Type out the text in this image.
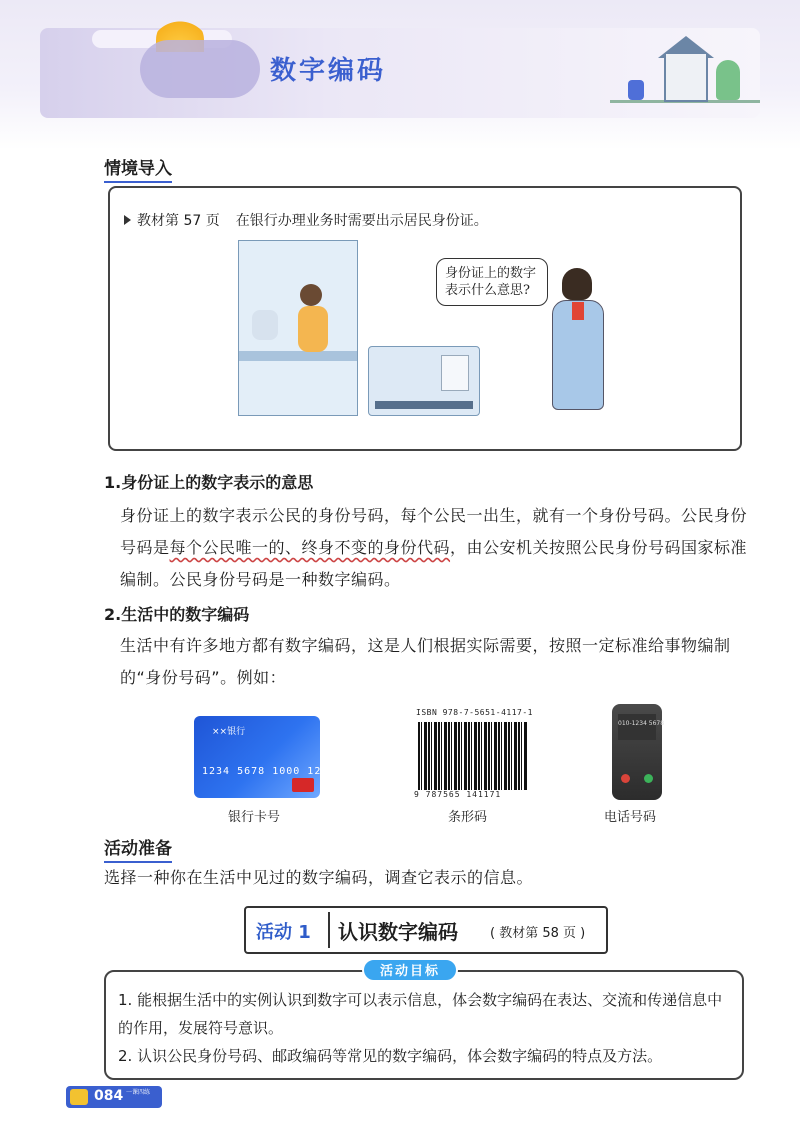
数字编码
情境导入
教材第 57 页 在银行办理业务时需要出示居民身份证。
身份证上的数字
表示什么意思?
1.身份证上的数字表示的意思
身份证上的数字表示公民的身份号码，每个公民一出生，就有一个身份号码。公民身份号码是每个公民唯一的、终身不变的身份代码，由公安机关按照公民身份号码国家标准编制。公民身份号码是一种数字编码。
2.生活中的数字编码
生活中有许多地方都有数字编码，这是人们根据实际需要，按照一定标准给事物编制的“身份号码”。例如：
××银行
1234 5678 1000 1234
银行卡号
ISBN 978-7-5651-4117-1
9 787565 141171
条形码
010-1234 5678
电话号码
活动准备
选择一种你在生活中见过的数字编码，调查它表示的信息。
活动 1 认识数字编码 ( 教材第 58 页 )
活动目标
1. 能根据生活中的实例认识到数字可以表示信息，体会数字编码在表达、交流和传递信息中的作用，发展符号意识。
2. 认识公民身份号码、邮政编码等常见的数字编码，体会数字编码的特点及方法。
084 一课四练
